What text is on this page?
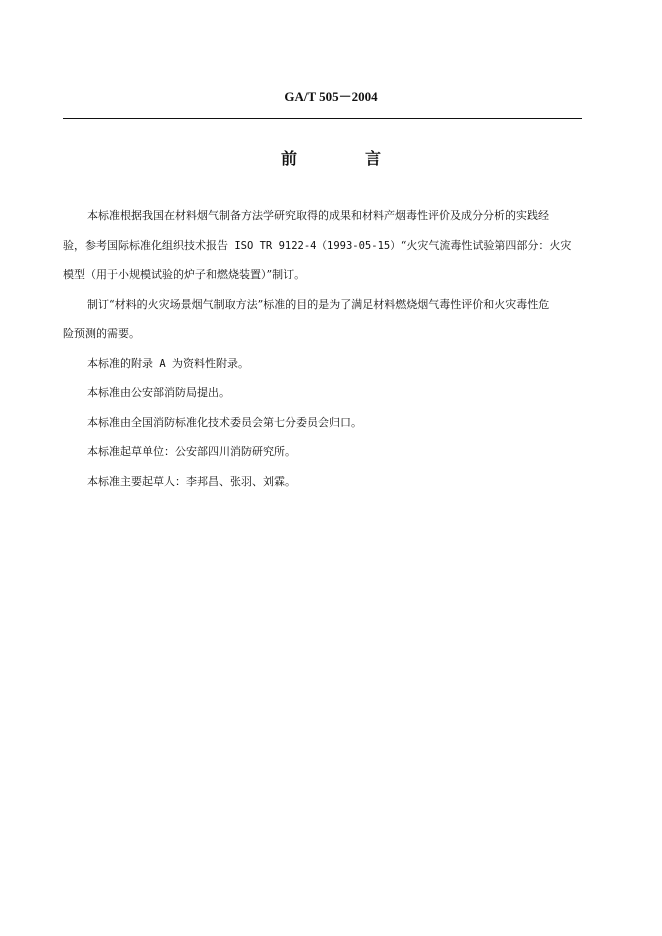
GA/T 505－2004
前　言
本标准根据我国在材料烟气制备方法学研究取得的成果和材料产烟毒性评价及成分分析的实践经
验，参考国际标准化组织技术报告 ISO TR 9122-4（1993-05-15）“火灾气流毒性试验第四部分：火灾
模型（用于小规模试验的炉子和燃烧装置）”制订。
制订“材料的火灾场景烟气制取方法”标准的目的是为了满足材料燃烧烟气毒性评价和火灾毒性危
险预测的需要。
本标准的附录 A 为资料性附录。
本标准由公安部消防局提出。
本标准由全国消防标准化技术委员会第七分委员会归口。
本标准起草单位：公安部四川消防研究所。
本标准主要起草人：李邦昌、张羽、刘霖。
